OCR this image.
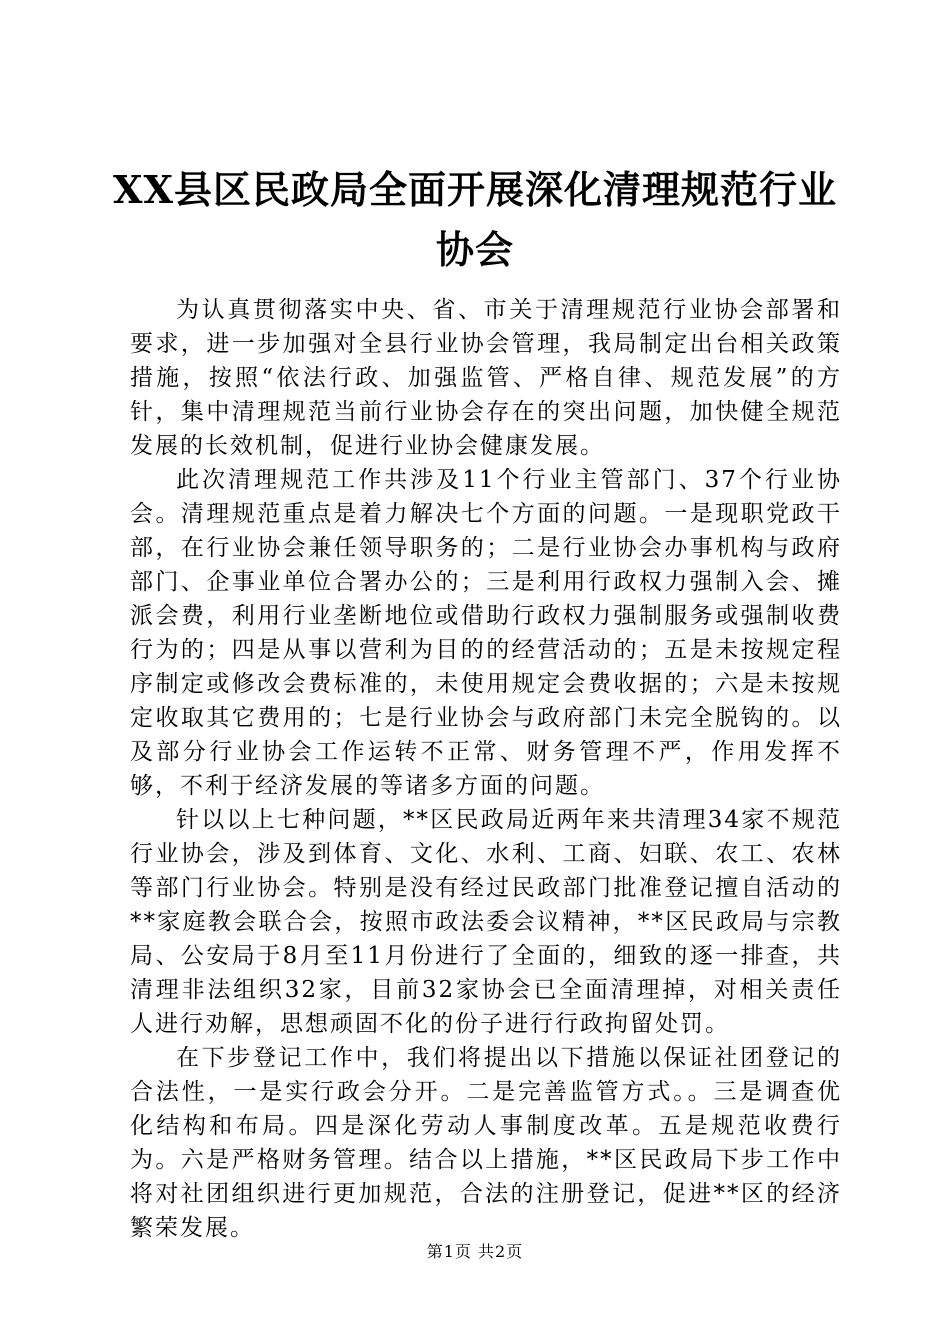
XX县区民政局全面开展深化清理规范行业协会

为认真贯彻落实中央、省、市关于清理规范行业协会部署和要求，进一步加强对全县行业协会管理，我局制定出台相关政策措施，按照“依法行政、加强监管、严格自律、规范发展”的方针，集中清理规范当前行业协会存在的突出问题，加快健全规范发展的长效机制，促进行业协会健康发展。

此次清理规范工作共涉及11个行业主管部门、37个行业协会。清理规范重点是着力解决七个方面的问题。一是现职党政干部，在行业协会兼任领导职务的；二是行业协会办事机构与政府部门、企事业单位合署办公的；三是利用行政权力强制入会、摊派会费，利用行业垄断地位或借助行政权力强制服务或强制收费行为的；四是从事以营利为目的的经营活动的；五是未按规定程序制定或修改会费标准的，未使用规定会费收据的；六是未按规定收取其它费用的；七是行业协会与政府部门未完全脱钩的。以及部分行业协会工作运转不正常、财务管理不严，作用发挥不够，不利于经济发展的等诸多方面的问题。

针以以上七种问题，**区民政局近两年来共清理34家不规范行业协会，涉及到体育、文化、水利、工商、妇联、农工、农林等部门行业协会。特别是没有经过民政部门批准登记擅自活动的**家庭教会联合会，按照市政法委会议精神，**区民政局与宗教局、公安局于8月至11月份进行了全面的，细致的逐一排查，共清理非法组织32家，目前32家协会已全面清理掉，对相关责任人进行劝解，思想顽固不化的份子进行行政拘留处罚。

在下步登记工作中，我们将提出以下措施以保证社团登记的合法性，一是实行政会分开。二是完善监管方式。。三是调查优化结构和布局。四是深化劳动人事制度改革。五是规范收费行为。六是严格财务管理。结合以上措施，**区民政局下步工作中将对社团组织进行更加规范，合法的注册登记，促进**区的经济繁荣发展。

第1页 共2页
